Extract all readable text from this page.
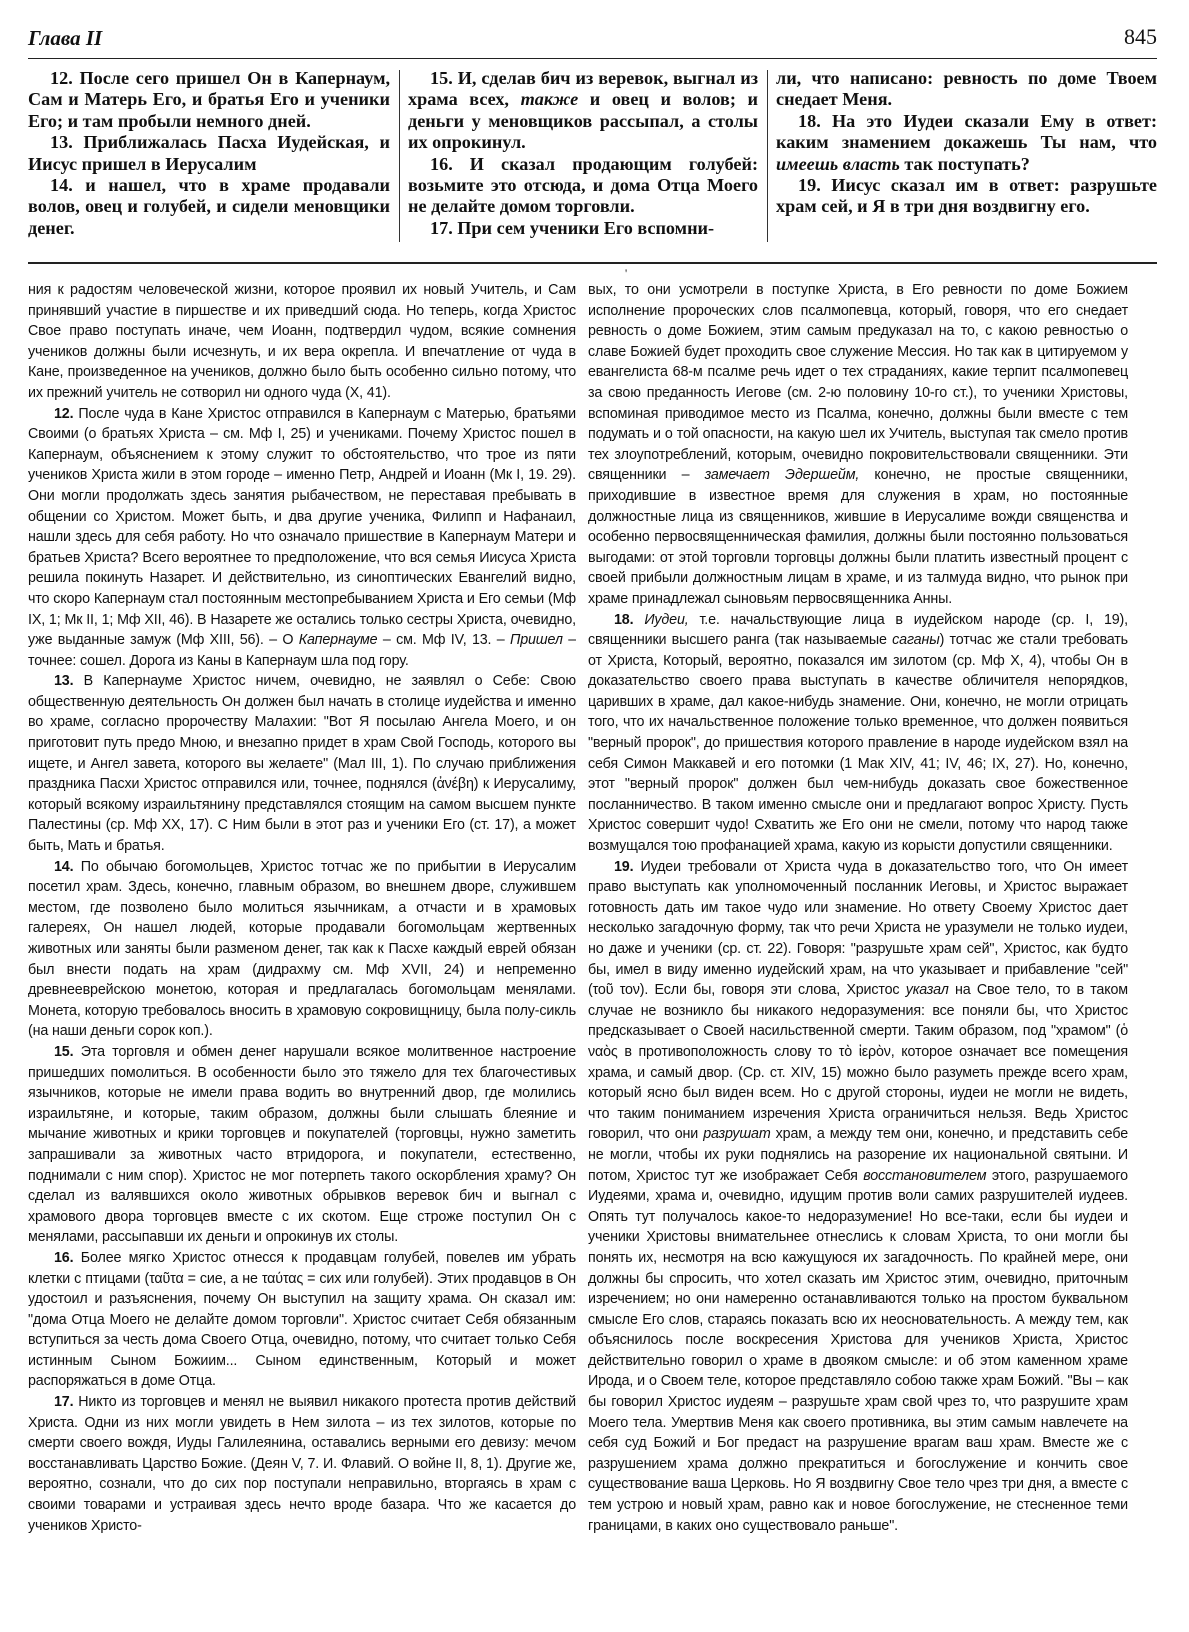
Глава II	845

12. После сего пришел Он в Капернаум, Сам и Матерь Его, и братья Его и ученики Его; и там пробыли немного дней.

13. Приближалась Пасха Иудейская, и Иисус пришел в Иерусалим

14. и нашел, что в храме продавали волов, овец и голубей, и сидели меновщики денег.

15. И, сделав бич из веревок, выгнал из храма всех, также и овец и волов; и деньги у меновщиков рассыпал, а столы их опрокинул.

16. И сказал продающим голубей: возьмите это отсюда, и дома Отца Моего не делайте домом торговли.

17. При сем ученики Его вспомни-

ли, что написано: ревность по доме Твоем снедает Меня.

18. На это Иудеи сказали Ему в ответ: каким знамением докажешь Ты нам, что имеешь власть так поступать?

19. Иисус сказал им в ответ: разрушьте храм сей, и Я в три дня воздвигну его.

'

ния к радостям человеческой жизни, которое проявил их новый Учитель, и Сам принявший участие в пиршестве и их приведший сюда. Но теперь, когда Христос Свое право поступать иначе, чем Иоанн, подтвердил чудом, всякие сомнения учеников должны были исчезнуть, и их вера окрепла. И впечатление от чуда в Кане, произведенное на учеников, должно было быть особенно сильно потому, что их прежний учитель не сотворил ни одного чуда (X, 41).

12. После чуда в Кане Христос отправился в Капернаум с Матерью, братьями Своими (о братьях Христа – см. Мф I, 25) и учениками. Почему Христос пошел в Капернаум, объяснением к этому служит то обстоятельство, что трое из пяти учеников Христа жили в этом городе – именно Петр, Андрей и Иоанн (Мк I, 19. 29). Они могли продолжать здесь занятия рыбачеством, не переставая пребывать в общении со Христом. Может быть, и два другие ученика, Филипп и Нафанаил, нашли здесь для себя работу. Но что означало пришествие в Капернаум Матери и братьев Христа? Всего вероятнее то предположение, что вся семья Иисуса Христа решила покинуть Назарет. И действительно, из синоптических Евангелий видно, что скоро Капернаум стал постоянным местопребыванием Христа и Его семьи (Мф IX, 1; Мк II, 1; Мф XII, 46). В Назарете же остались только сестры Христа, очевидно, уже выданные замуж (Мф XIII, 56). – О Капернауме – см. Мф IV, 13. – Пришел – точнее: сошел. Дорога из Каны в Капернаум шла под гору.

13. В Капернауме Христос ничем, очевидно, не заявлял о Себе: Свою общественную деятельность Он должен был начать в столице иудейства и именно во храме, согласно пророчеству Малахии: "Вот Я посылаю Ангела Моего, и он приготовит путь предо Мною, и внезапно придет в храм Свой Господь, которого вы ищете, и Ангел завета, которого вы желаете" (Мал III, 1). По случаю приближения праздника Пасхи Христос отправился или, точнее, поднялся (ἀνέβη) к Иерусалиму, который всякому израильтянину представлялся стоящим на самом высшем пункте Палестины (ср. Мф XX, 17). С Ним были в этот раз и ученики Его (ст. 17), а может быть, Мать и братья.

14. По обычаю богомольцев, Христос тотчас же по прибытии в Иерусалим посетил храм. Здесь, конечно, главным образом, во внешнем дворе, служившем местом, где позволено было молиться язычникам, а отчасти и в храмовых галереях, Он нашел людей, которые продавали богомольцам жертвенных животных или заняты были разменом денег, так как к Пасхе каждый еврей обязан был внести подать на храм (дидрахму см. Мф XVII, 24) и непременно древнееврейскою монетою, которая и предлагалась богомольцам менялами. Монета, которую требовалось вносить в храмовую сокровищницу, была полу-сикль (на наши деньги сорок коп.).

15. Эта торговля и обмен денег нарушали всякое молитвенное настроение пришедших помолиться. В особенности было это тяжело для тех благочестивых язычников, которые не имели права водить во внутренний двор, где молились израильтяне, и которые, таким образом, должны были слышать блеяние и мычание животных и крики торговцев и покупателей (торговцы, нужно заметить запрашивали за животных часто втридорога, и покупатели, естественно, поднимали с ним спор). Христос не мог потерпеть такого оскорбления храму? Он сделал из валявшихся около животных обрывков веревок бич и выгнал с храмового двора торговцев вместе с их скотом. Еще строже поступил Он с менялами, рассыпавши их деньги и опрокинув их столы.

16. Более мягко Христос отнесся к продавцам голубей, повелев им убрать клетки с птицами (ταῦτα = сие, а не ταύτας = сих или голубей). Этих продавцов в Он удостоил и разъяснения, почему Он выступил на защиту храма. Он сказал им: "дома Отца Моего не делайте домом торговли". Христос считает Себя обязанным вступиться за честь дома Своего Отца, очевидно, потому, что считает только Себя истинным Сыном Божиим... Сыном единственным, Который и может распоряжаться в доме Отца.

17. Никто из торговцев и менял не выявил никакого протеста против действий Христа. Одни из них могли увидеть в Нем зилота – из тех зилотов, которые по смерти своего вождя, Иуды Галилеянина, оставались верными его девизу: мечом восстанавливать Царство Божие. (Деян V, 7. И. Флавий. О войне II, 8, 1). Другие же, вероятно, сознали, что до сих пор поступали неправильно, вторгаясь в храм с своими товарами и устраивая здесь нечто вроде базара. Что же касается до учеников Христо-

вых, то они усмотрели в поступке Христа, в Его ревности по доме Божием исполнение пророческих слов псалмопевца, который, говоря, что его снедает ревность о доме Божием, этим самым предуказал на то, с какою ревностью о славе Божией будет проходить свое служение Мессия. Но так как в цитируемом у евангелиста 68-м псалме речь идет о тех страданиях, какие терпит псалмопевец за свою преданность Иегове (см. 2-ю половину 10-го ст.), то ученики Христовы, вспоминая приводимое место из Псалма, конечно, должны были вместе с тем подумать и о той опасности, на какую шел их Учитель, выступая так смело против тех злоупотреблений, которым, очевидно покровительствовали священники. Эти священники – замечает Эдершейм, конечно, не простые священники, приходившие в известное время для служения в храм, но постоянные должностные лица из священников, жившие в Иерусалиме вожди священства и особенно первосвященническая фамилия, должны были постоянно пользоваться выгодами: от этой торговли торговцы должны были платить известный процент с своей прибыли должностным лицам в храме, и из талмуда видно, что рынок при храме принадлежал сыновьям первосвященника Анны.

18. Иудеи, т.е. начальствующие лица в иудейском народе (ср. I, 19), священники высшего ранга (так называемые саганы) тотчас же стали требовать от Христа, Который, вероятно, показался им зилотом (ср. Мф X, 4), чтобы Он в доказательство своего права выступать в качестве обличителя непорядков, царивших в храме, дал какое-нибудь знамение. Они, конечно, не могли отрицать того, что их начальственное положение только временное, что должен появиться "верный пророк", до пришествия которого правление в народе иудейском взял на себя Симон Маккавей и его потомки (1 Мак XIV, 41; IV, 46; IX, 27). Но, конечно, этот "верный пророк" должен был чем-нибудь доказать свое божественное посланничество. В таком именно смысле они и предлагают вопрос Христу. Пусть Христос совершит чудо! Схватить же Его они не смели, потому что народ также возмущался тою профанацией храма, какую из корысти допустили священники.

19. Иудеи требовали от Христа чуда в доказательство того, что Он имеет право выступать как уполномоченный посланник Иеговы, и Христос выражает готовность дать им такое чудо или знамение. Но ответу Своему Христос дает несколько загадочную форму, так что речи Христа не уразумели не только иудеи, но даже и ученики (ср. ст. 22). Говоря: "разрушьте храм сей", Христос, как будто бы, имел в виду именно иудейский храм, на что указывает и прибавление "сей" (τοῦ τον). Если бы, говоря эти слова, Христос указал на Свое тело, то в таком случае не возникло бы никакого недоразумения: все поняли бы, что Христос предсказывает о Своей насильственной смерти. Таким образом, под "храмом" (ὁ ναὸς в противоположность слову то τὸ ἱερὸν, которое означает все помещения храма, и самый двор. (Ср. ст. XIV, 15) можно было разуметь прежде всего храм, который ясно был виден всем. Но с другой стороны, иудеи не могли не видеть, что таким пониманием изречения Христа ограничиться нельзя. Ведь Христос говорил, что они разрушат храм, а между тем они, конечно, и представить себе не могли, чтобы их руки поднялись на разорение их национальной святыни. И потом, Христос тут же изображает Себя восстановителем этого, разрушаемого Иудеями, храма и, очевидно, идущим против воли самих разрушителей иудеев. Опять тут получалось какое-то недоразумение! Но все-таки, если бы иудеи и ученики Христовы внимательнее отнеслись к словам Христа, то они могли бы понять их, несмотря на всю кажущуюся их загадочность. По крайней мере, они должны бы спросить, что хотел сказать им Христос этим, очевидно, приточным изречением; но они намеренно останавливаются только на простом буквальном смысле Его слов, стараясь показать всю их неосновательность. А между тем, как объяснилось после воскресения Христова для учеников Христа, Христос действительно говорил о храме в двояком смысле: и об этом каменном храме Ирода, и о Своем теле, которое представляло собою также храм Божий. "Вы – как бы говорил Христос иудеям – разрушьте храм свой чрез то, что разрушите храм Моего тела. Умертвив Меня как своего противника, вы этим самым навлечете на себя суд Божий и Бог предаст на разрушение врагам ваш храм. Вместе же с разрушением храма должно прекратиться и богослужение и кончить свое существование ваша Церковь. Но Я воздвигну Свое тело чрез три дня, а вместе с тем устрою и новый храм, равно как и новое богослужение, не стесненное теми границами, в каких оно существовало раньше".
